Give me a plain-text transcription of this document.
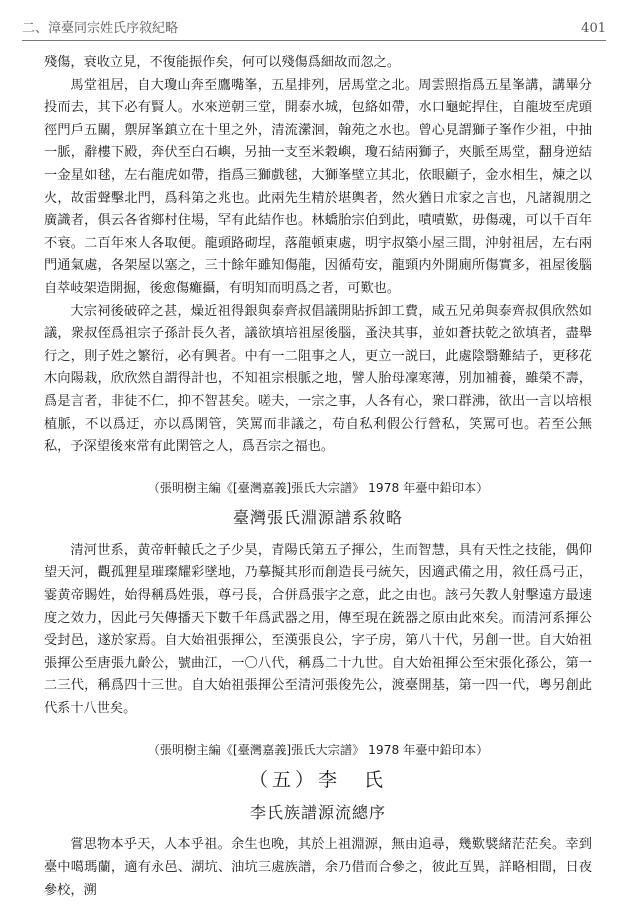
二、漳臺同宗姓氏序敘紀略	401

殘傷，衰收立見，不復能振作矣，何可以殘傷爲細故而忽之。

馬堂祖居，自大瓊山奔至鷹嘴峯，五星排列，居馬堂之北。周雲照指爲五星峯講，講畢分投而去，其下必有賢人。水來逆朝三堂，開泰水城，包絡如帶，水口龜蛇捍住，自龍坡至虎頭徑門戶五關，禦屏峯鎮立在十里之外，清流瀠洄，翰苑之水也。曾心見謂獅子峯作少祖，中抽一脈，辭樓下殿，奔伏至白石嶼，另抽一支至米穀嶼，瓊石結兩獅子，夾脈至馬堂，翻身逆結一金星如毬，左右龍虎如帶，指爲三獅戲毬，大獅峯壁立其北，依眼顧子，金水相生，煉之以火，故雷聲擊北門，爲科第之兆也。此兩先生精於堪輿者，然火猶日朮家之言也，凡諸親朋之廣識者，俱云各省鄉村住場，罕有此結作也。林蟜胎宗伯到此，嘖嘖歎，毋傷魂，可以千百年不衰。二百年來人各取便。龍頭路砌埕，落龍頓東處，明宇叔築小屋三間，沖射祖居，左右兩門通氣處，各架屋以塞之，三十餘年雖知傷龍，因循苟安，龍頸内外開廁所傷實多，祖屋後腦自萃岐架造開掘，後愈傷癱攝，有明知而明爲之者，可歎也。

大宗祠後破碎之甚，燥近祖得銀與泰齊叔倡議開貼拆卸工費，咸五兄弟與泰齊叔俱欣然如議，衆叔侄爲祖宗子孫計長久者，議欲填培祖屋後腦，蚤決其事，並如蒼扶乾之欲填者，盡舉行之，則子姓之繁衍，必有興者。中有一二阻事之人，更立一説曰，此處陰翳難結子，更移花木向陽栽，欣欣然自謂得計也，不知祖宗根脈之地，譬人胎母凜寒薄，別加補養，雖榮不壽，爲是言者，非徒不仁，抑不智甚矣。嗟夫，一宗之事，人各有心，衆口群沸，欲出一言以培根植脈，不以爲迂，亦以爲閑管，笑罵而非議之，苟自私利假公行營私，笑罵可也。若至公無私，予深望後來常有此閑管之人，爲吾宗之福也。

（張明樹主編《[臺灣嘉義]張氏大宗譜》 1978 年臺中鉛印本）
臺灣張氏淵源譜系敘略

清河世系，黄帝軒轅氏之子少昊，青陽氏第五子揮公，生而智慧，具有天性之技能，偶仰望天河，觀孤狸星璀璨耀彩墜地，乃摹擬其形而創造長弓統矢，因適武備之用，敘任爲弓正，霎黄帝賜姓，始得稱爲姓張，尊弓長，合併爲張字之意，此之由也。該弓矢教人射擊遠方最速度之效力，因此弓矢傳播天下數千年爲武器之用，傳至現在銃器之原由此來矣。而清河系揮公受封邑，遂於家焉。自大始祖張揮公，至漢張良公，字子房，第八十代，另創一世。自大始祖張揮公至唐張九齡公，號曲江，一〇八代，稱爲二十九世。自大始祖揮公至宋張化孫公，第一二三代，稱爲四十三世。自大始祖張揮公至清河張俊先公，渡臺開基，第一四一代，粵另創此代系十八世矣。

（張明樹主編《[臺灣嘉義]張氏大宗譜》 1978 年臺中鉛印本）
（五）李　氏
李氏族譜源流總序

嘗思物本乎天，人本乎祖。余生也晚，其於上祖淵源，無由追尋，幾歎襞緒茫茫矣。幸到臺中噶瑪蘭，適有永邑、湖坑、油坑三處族譜，余乃借而合參之，彼此互異，詳略相間，日夜參校，溯
